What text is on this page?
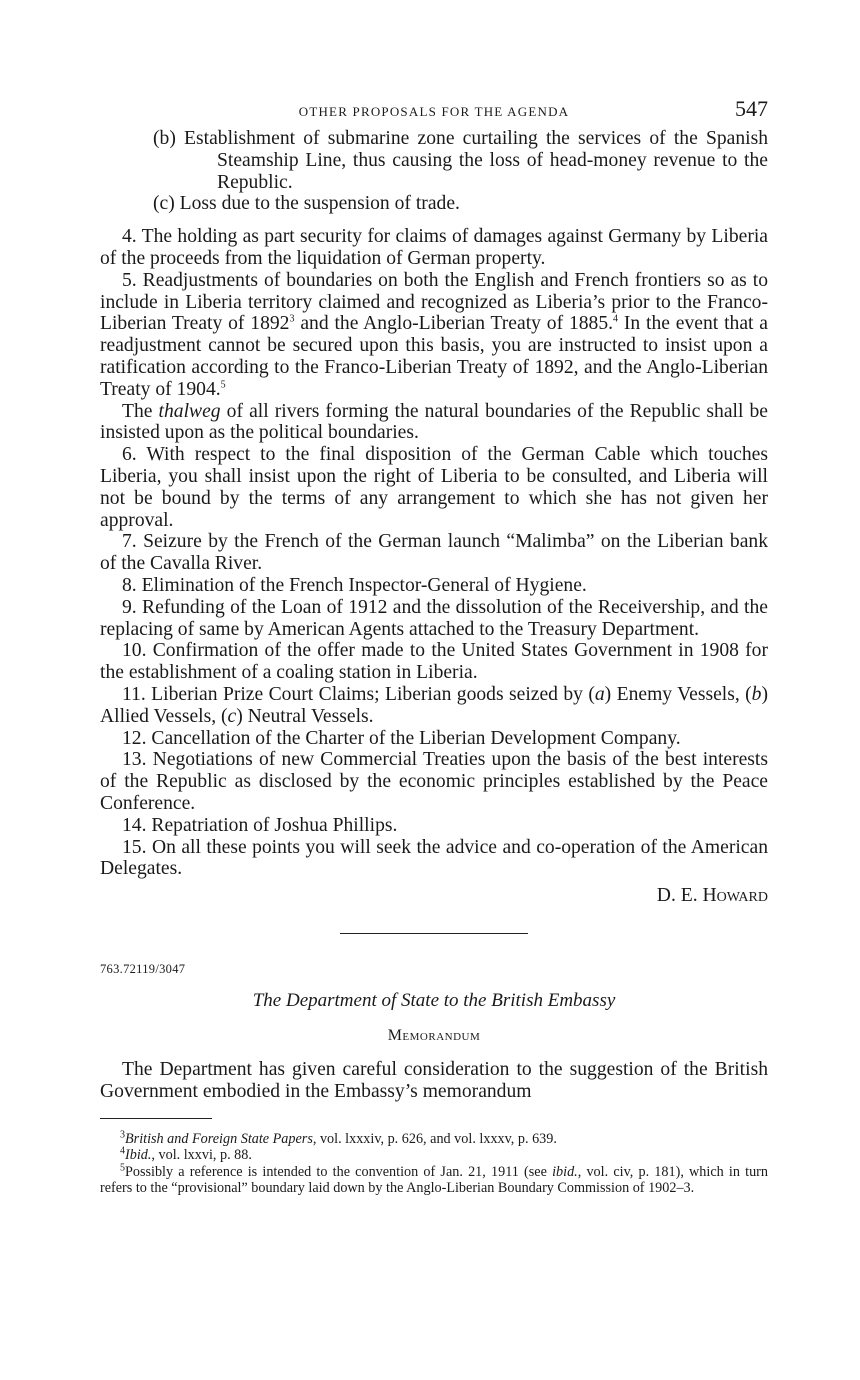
OTHER PROPOSALS FOR THE AGENDA	547

(b) Establishment of submarine zone curtailing the services of the Spanish Steamship Line, thus causing the loss of head-money revenue to the Republic.

(c) Loss due to the suspension of trade.

4. The holding as part security for claims of damages against Germany by Liberia of the proceeds from the liquidation of German property.

5. Readjustments of boundaries on both the English and French frontiers so as to include in Liberia territory claimed and recognized as Liberia’s prior to the Franco-Liberian Treaty of 1892$^3$ and the Anglo-Liberian Treaty of 1885.$^4$ In the event that a readjustment cannot be secured upon this basis, you are instructed to insist upon a ratification according to the Franco-Liberian Treaty of 1892, and the Anglo-Liberian Treaty of 1904.$^5$

The thalweg of all rivers forming the natural boundaries of the Republic shall be insisted upon as the political boundaries.

6. With respect to the final disposition of the German Cable which touches Liberia, you shall insist upon the right of Liberia to be consulted, and Liberia will not be bound by the terms of any arrangement to which she has not given her approval.

7. Seizure by the French of the German launch “Malimba” on the Liberian bank of the Cavalla River.

8. Elimination of the French Inspector-General of Hygiene.

9. Refunding of the Loan of 1912 and the dissolution of the Receivership, and the replacing of same by American Agents attached to the Treasury Department.

10. Confirmation of the offer made to the United States Government in 1908 for the establishment of a coaling station in Liberia.

11. Liberian Prize Court Claims; Liberian goods seized by (a) Enemy Vessels, (b) Allied Vessels, (c) Neutral Vessels.

12. Cancellation of the Charter of the Liberian Development Company.

13. Negotiations of new Commercial Treaties upon the basis of the best interests of the Republic as disclosed by the economic principles established by the Peace Conference.

14. Repatriation of Joshua Phillips.

15. On all these points you will seek the advice and co-operation of the American Delegates.

D. E. Howard
763.72119/3047
The Department of State to the British Embassy
Memorandum
The Department has given careful consideration to the suggestion of the British Government embodied in the Embassy’s memorandum

$^3$British and Foreign State Papers, vol. lxxxiv, p. 626, and vol. lxxxv, p. 639.

$^4$Ibid., vol. lxxvi, p. 88.

$^5$Possibly a reference is intended to the convention of Jan. 21, 1911 (see ibid., vol. civ, p. 181), which in turn refers to the “provisional” boundary laid down by the Anglo-Liberian Boundary Commission of 1902–3.
